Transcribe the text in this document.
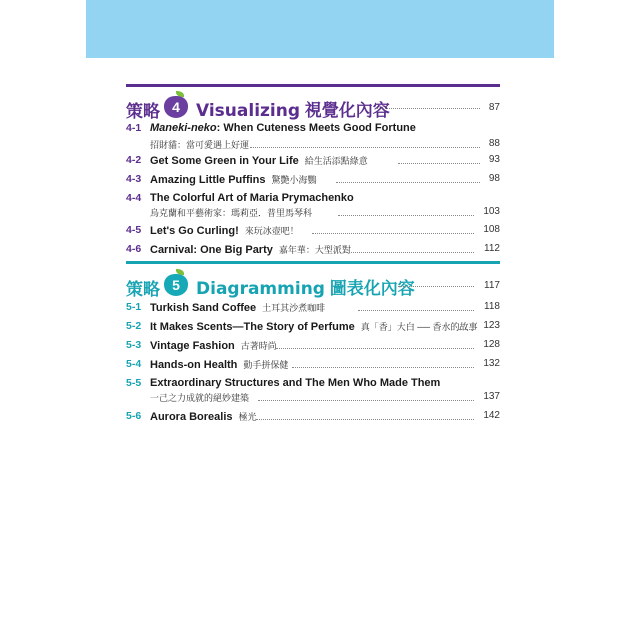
策略 4 Visualizing 視覺化內容	87
4-1 Maneki-neko: When Cuteness Meets Good Fortune
招財貓：當可愛遇上好運	88
4-2 Get Some Green in Your Life 給生活添點綠意	93
4-3 Amazing Little Puffins 驚艷小海鸚	98
4-4 The Colorful Art of Maria Prymachenko
烏克蘭和平藝術家：瑪莉亞．普里馬琴科	103
4-5 Let's Go Curling! 來玩冰壺吧！	108
4-6 Carnival: One Big Party 嘉年華：大型派對	112
策略 5 Diagramming 圖表化內容	117
5-1 Turkish Sand Coffee 土耳其沙煮咖啡	118
5-2 It Makes Scents—The Story of Perfume 真「香」大白 ── 香水的故事 123
5-3 Vintage Fashion 古著時尚	128
5-4 Hands-on Health 動手拼保健	132
5-5 Extraordinary Structures and The Men Who Made Them
一己之力成就的絕妙建築	137
5-6 Aurora Borealis 極光	142
